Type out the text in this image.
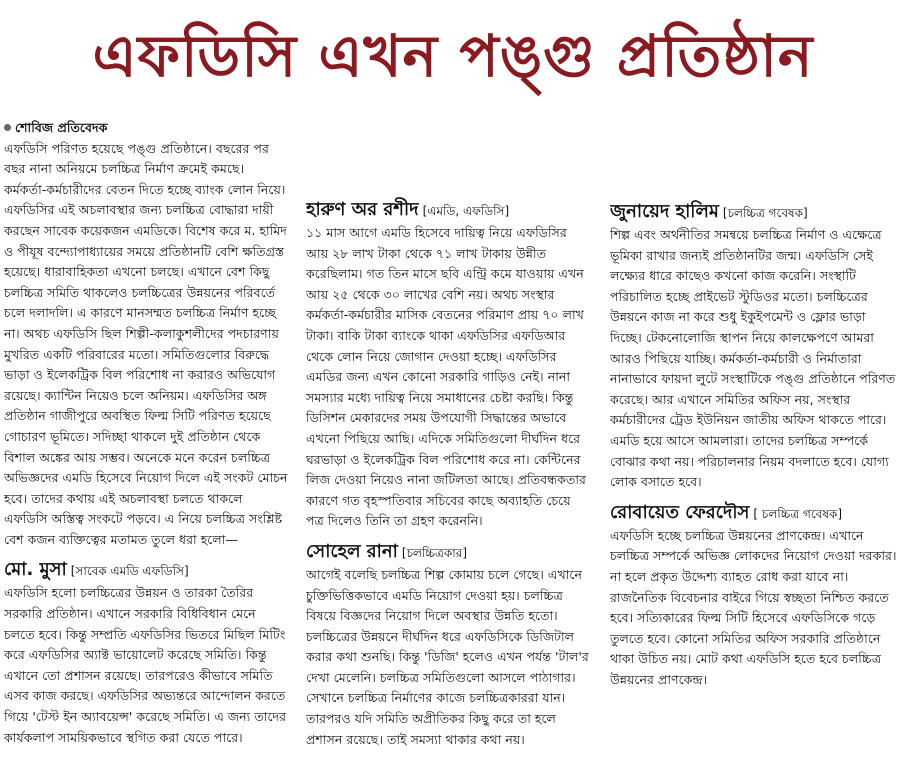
এফডিসি এখন পঙ্গু প্রতিষ্ঠান
শোবিজ প্রতিবেদক

এফডিসি পরিণত হয়েছে পঙ্গু প্রতিষ্ঠানে। বছরের পর বছর নানা অনিয়মে চলচ্চিত্র নির্মাণ ক্রমেই কমছে। কর্মকর্তা-কর্মচারীদের বেতন দিতে হচ্ছে ব্যাংক লোন নিয়ে। এফডিসির এই অচলাবস্থার জন্য চলচ্চিত্র বোদ্ধারা দায়ী করছেন সাবেক কয়েকজন এমডিকে। বিশেষ করে ম. হামিদ ও পীযূষ বন্দ্যোপাধ্যায়ের সময়ে প্রতিষ্ঠানটি বেশি ক্ষতিগ্রস্ত হয়েছে। ধারাবাহিকতা এখনো চলছে। এখানে বেশ কিছু চলচ্চিত্র সমিতি থাকলেও চলচ্চিত্রের উন্নয়নের পরিবর্তে চলে দলাদলি। এ কারণে মানসম্মত চলচ্চিত্র নির্মাণ হচ্ছে না। অথচ এফডিসি ছিল শিল্পী-কলাকুশলীদের পদচারণায় মুখরিত একটি পরিবারের মতো। সমিতিগুলোর বিরুদ্ধে ভাড়া ও ইলেকট্রিক বিল পরিশোধ না করারও অভিযোগ রয়েছে। ক্যান্টিন নিয়েও চলে অনিয়ম। এফডিসির অঙ্গ প্রতিষ্ঠান গাজীপুরে অবস্থিত ফিল্ম সিটি পরিণত হয়েছে গোচারণ ভূমিতে। সদিচ্ছা থাকলে দুই প্রতিষ্ঠান থেকে বিশাল অঙ্কের আয় সম্ভব। অনেকে মনে করেন চলচ্চিত্র অভিজ্ঞদের এমডি হিসেবে নিয়োগ দিলে এই সংকট মোচন হবে। তাদের কথায় এই অচলাবস্থা চলতে থাকলে এফডিসি অস্তিত্ব সংকটে পড়বে। এ নিয়ে চলচ্চিত্র সংশ্লিষ্ট বেশ কজন ব্যক্তিত্বের মতামত তুলে ধরা হলো—

মো. মুসা [সাবেক এমডি এফডিসি]

এফডিসি হলো চলচ্চিত্রের উন্নয়ন ও তারকা তৈরির সরকারি প্রতিষ্ঠান। এখানে সরকারি বিধিবিধান মেনে চলতে হবে। কিন্তু সম্প্রতি এফডিসির ভিতরে মিছিল মিটিং করে এফডিসির অ্যাক্ট ভায়োলেট করেছে সমিতি। কিন্তু এখানে তো প্রশাসন রয়েছে। তারপরেও কীভাবে সমিতি এসব কাজ করছে। এফডিসির অভ্যন্তরে আন্দোলন করতে গিয়ে 'টেস্ট ইন অ্যাবয়েন্স' করেছে সমিতি। এ জন্য তাদের কার্যকলাপ সাময়িকভাবে স্থগিত করা যেতে পারে।

হারুণ অর রশীদ [এমডি, এফডিসি]

১১ মাস আগে এমডি হিসেবে দায়িত্ব নিয়ে এফডিসির আয় ২৮ লাখ টাকা থেকে ৭১ লাখ টাকায় উন্নীত করেছিলাম। গত তিন মাসে ছবি এন্ট্রি কমে যাওয়ায় এখন আয় ২৫ থেকে ৩০ লাখের বেশি নয়। অথচ সংস্থার কর্মকর্তা-কর্মচারীর মাসিক বেতনের পরিমাণ প্রায় ৭০ লাখ টাকা। বাকি টাকা ব্যাংকে থাকা এফডিসির এফডিআর থেকে লোন নিয়ে জোগান দেওয়া হচ্ছে। এফডিসির এমডির জন্য এখন কোনো সরকারি গাড়িও নেই। নানা সমস্যার মধ্যে দায়িত্ব নিয়ে সমাধানের চেষ্টা করছি। কিন্তু ডিসিশন মেকারদের সময় উপযোগী সিদ্ধান্তের অভাবে এখনো পিছিয়ে আছি। এদিকে সমিতিগুলো দীর্ঘদিন ধরে ঘরভাড়া ও ইলেকট্রিক বিল পরিশোধ করে না। কেন্টিনের লিজ দেওয়া নিয়েও নানা জটিলতা আছে। প্রতিবন্ধকতার কারণে গত বৃহস্পতিবার সচিবের কাছে অব্যাহতি চেয়ে পত্র দিলেও তিনি তা গ্রহণ করেননি।

সোহেল রানা [চলচ্চিত্রকার]

আগেই বলেছি চলচ্চিত্র শিল্প কোমায় চলে গেছে। এখানে চুক্তিভিত্তিকভাবে এমডি নিয়োগ দেওয়া হয়। চলচ্চিত্র বিষয়ে বিজ্ঞদের নিয়োগ দিলে অবস্থার উন্নতি হতো। চলচ্চিত্রের উন্নয়নে দীর্ঘদিন ধরে এফডিসিকে ডিজিটাল করার কথা শুনছি। কিন্তু 'ডিজি' হলেও এখন পর্যন্ত 'টাল'র দেখা মেলেনি। চলচ্চিত্র সমিতিগুলো আসলে পাঠাগার। সেখানে চলচ্চিত্র নির্মাণের কাজে চলচ্চিত্রকাররা যান। তারপরও যদি সমিতি অপ্রীতিকর কিছু করে তা হলে প্রশাসন রয়েছে। তাই সমস্যা থাকার কথা নয়।

জুনায়েদ হালিম [চলচ্চিত্র গবেষক]

শিল্প এবং অর্থনীতির সমন্বয়ে চলচ্চিত্র নির্মাণ ও এক্ষেত্রে ভূমিকা রাখার জন্যই প্রতিষ্ঠানটির জন্ম। এফডিসি সেই লক্ষ্যের ধারে কাছেও কখনো কাজ করেনি। সংস্থাটি পরিচালিত হচ্ছে প্রাইভেট স্টুডিওর মতো। চলচ্চিত্রের উন্নয়নে কাজ না করে শুধু ইকুইপমেন্ট ও ফ্লোর ভাড়া দিচ্ছে। টেকনোলোজি স্থাপন নিয়ে কালক্ষেপণে আমরা আরও পিছিয়ে যাচ্ছি। কর্মকর্তা-কর্মচারী ও নির্মাতারা নানাভাবে ফায়দা লুটে সংস্থাটিকে পঙ্গু প্রতিষ্ঠানে পরিণত করেছে। আর এখানে সমিতির অফিস নয়, সংস্থার কর্মচারীদের ট্রেড ইউনিয়ন জাতীয় অফিস থাকতে পারে। এমডি হয়ে আসে আমলারা। তাদের চলচ্চিত্র সম্পর্কে বোঝার কথা নয়। পরিচালনার নিয়ম বদলাতে হবে। যোগ্য লোক বসাতে হবে।

রোবায়েত ফেরদৌস [ চলচ্চিত্র গবেষক]

এফডিসি হচ্ছে চলচ্চিত্র উন্নয়নের প্রাণকেন্দ্র। এখানে চলচ্চিত্র সম্পর্কে অভিজ্ঞ লোকদের নিয়োগ দেওয়া দরকার। না হলে প্রকৃত উদ্দেশ্য ব্যাহত রোধ করা যাবে না। রাজনৈতিক বিবেচনার বাইরে গিয়ে স্বচ্ছতা নিশ্চিত করতে হবে। সত্যিকারের ফিল্ম সিটি হিসেবে এফডিসিকে গড়ে তুলতে হবে। কোনো সমিতির অফিস সরকারি প্রতিষ্ঠানে থাকা উচিত নয়। মোট কথা এফডিসি হতে হবে চলচ্চিত্র উন্নয়নের প্রাণকেন্দ্র।
